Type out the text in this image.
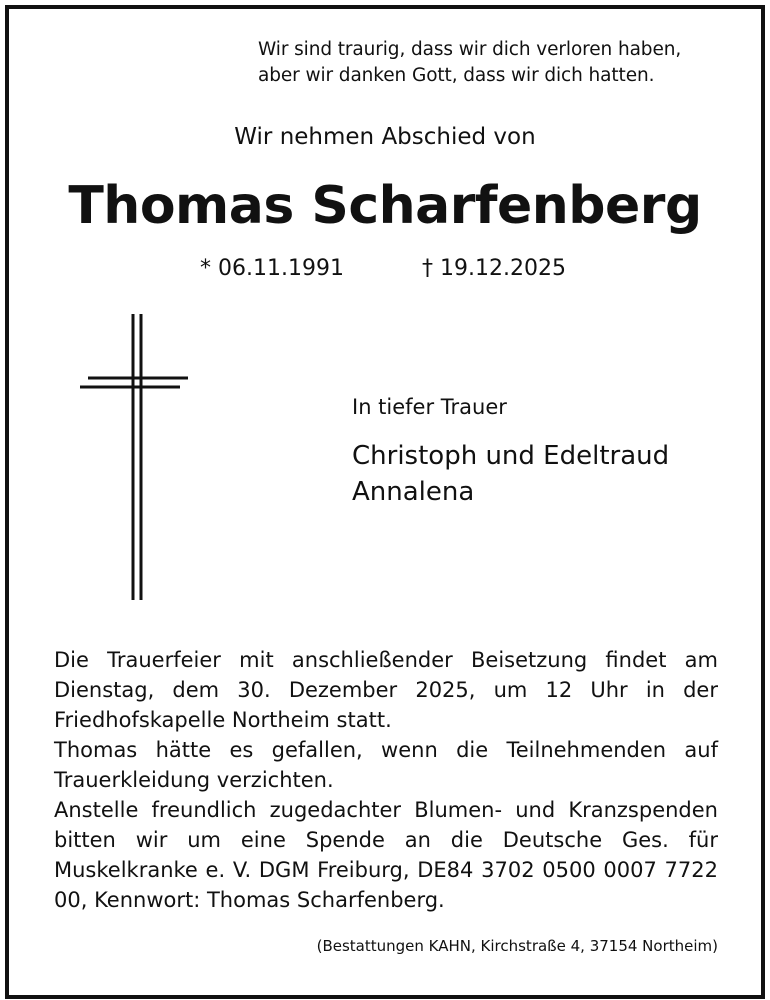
Wir sind traurig, dass wir dich verloren haben,
aber wir danken Gott, dass wir dich hatten.
Wir nehmen Abschied von
Thomas Scharfenberg
* 06.11.1991	† 19.12.2025
In tiefer Trauer
Christoph und Edeltraud
Annalena

Die Trauerfeier mit anschließender Beisetzung findet am Dienstag, dem 30. Dezember 2025, um 12 Uhr in der Friedhofskapelle Northeim statt.

Thomas hätte es gefallen, wenn die Teilnehmenden auf Trauerkleidung verzichten.

Anstelle freundlich zugedachter Blumen- und Kranzspenden bitten wir um eine Spende an die Deutsche Ges. für Muskelkranke e. V. DGM Freiburg, DE84 3702 0500 0007 7722 00, Kennwort: Thomas Scharfenberg.

(Bestattungen KAHN, Kirchstraße 4, 37154 Northeim)
